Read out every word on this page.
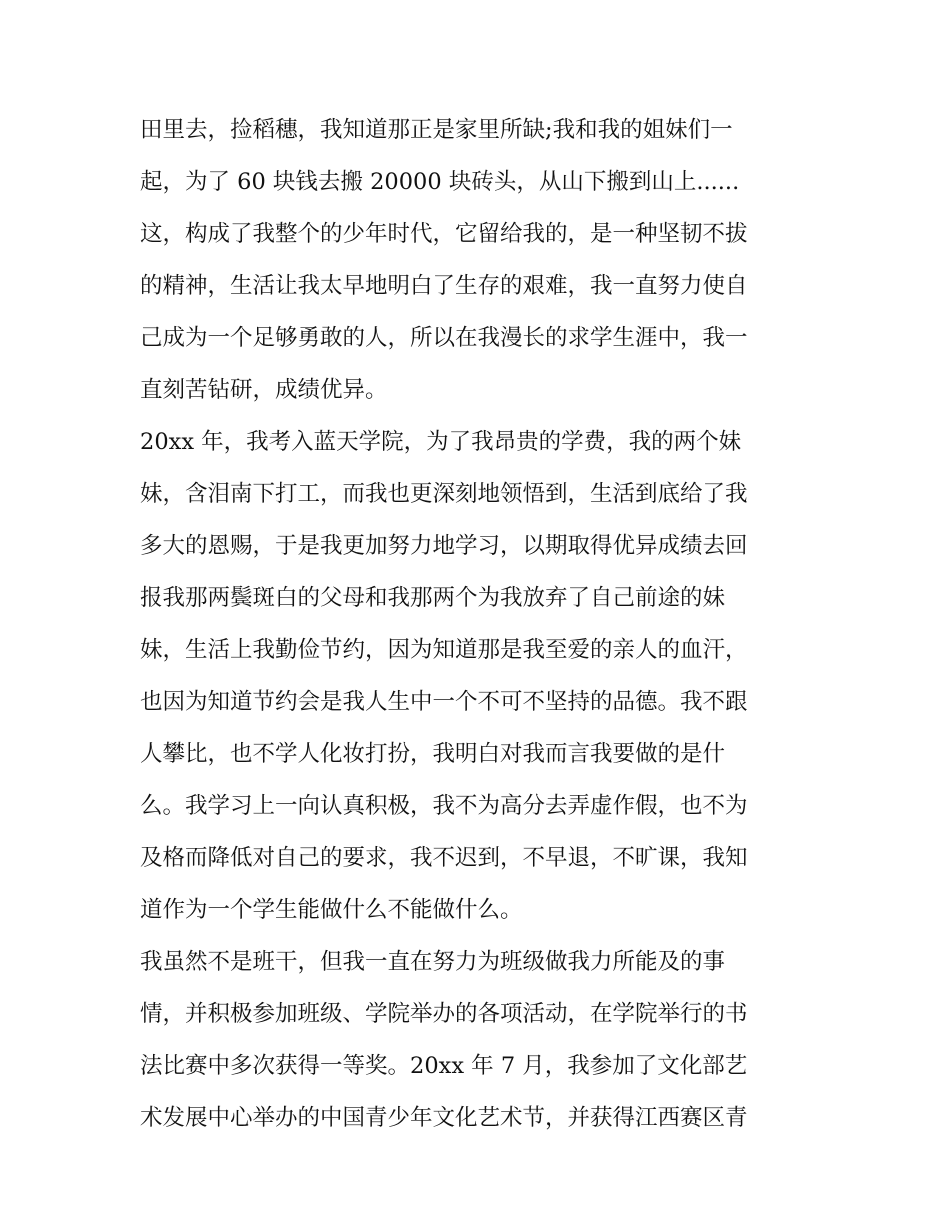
田里去，捡稻穗，我知道那正是家里所缺;我和我的姐妹们一
起，为了 60 块钱去搬 20000 块砖头，从山下搬到山上......
这，构成了我整个的少年时代，它留给我的，是一种坚韧不拔
的精神，生活让我太早地明白了生存的艰难，我一直努力使自
己成为一个足够勇敢的人，所以在我漫长的求学生涯中，我一
直刻苦钻研，成绩优异。
20xx 年，我考入蓝天学院，为了我昂贵的学费，我的两个妹
妹，含泪南下打工，而我也更深刻地领悟到，生活到底给了我
多大的恩赐，于是我更加努力地学习，以期取得优异成绩去回
报我那两鬓斑白的父母和我那两个为我放弃了自己前途的妹
妹，生活上我勤俭节约，因为知道那是我至爱的亲人的血汗，
也因为知道节约会是我人生中一个不可不坚持的品德。我不跟
人攀比，也不学人化妆打扮，我明白对我而言我要做的是什
么。我学习上一向认真积极，我不为高分去弄虚作假，也不为
及格而降低对自己的要求，我不迟到，不早退，不旷课，我知
道作为一个学生能做什么不能做什么。
我虽然不是班干，但我一直在努力为班级做我力所能及的事
情，并积极参加班级、学院举办的各项活动，在学院举行的书
法比赛中多次获得一等奖。20xx 年 7 月，我参加了文化部艺
术发展中心举办的中国青少年文化艺术节，并获得江西赛区青
